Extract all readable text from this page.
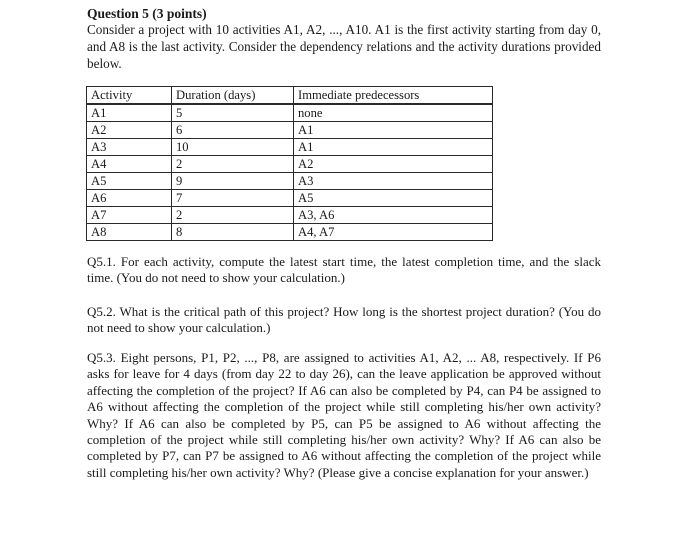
Question 5 (3 points)
Consider a project with 10 activities A1, A2, ..., A10. A1 is the first activity starting from day 0, and A8 is the last activity. Consider the dependency relations and the activity durations provided below.
Activity	Duration (days)	Immediate predecessors
A1	5	none
A2	6	A1
A3	10	A1
A4	2	A2
A5	9	A3
A6	7	A5
A7	2	A3, A6
A8	8	A4, A7
Q5.1. For each activity, compute the latest start time, the latest completion time, and the slack time. (You do not need to show your calculation.)
Q5.2. What is the critical path of this project? How long is the shortest project duration? (You do not need to show your calculation.)
Q5.3. Eight persons, P1, P2, ..., P8, are assigned to activities A1, A2, ... A8, respectively. If P6 asks for leave for 4 days (from day 22 to day 26), can the leave application be approved without affecting the completion of the project? If A6 can also be completed by P4, can P4 be assigned to A6 without affecting the completion of the project while still completing his/her own activity? Why? If A6 can also be completed by P5, can P5 be assigned to A6 without affecting the completion of the project while still completing his/her own activity? Why? If A6 can also be completed by P7, can P7 be assigned to A6 without affecting the completion of the project while still completing his/her own activity? Why? (Please give a concise explanation for your answer.)
